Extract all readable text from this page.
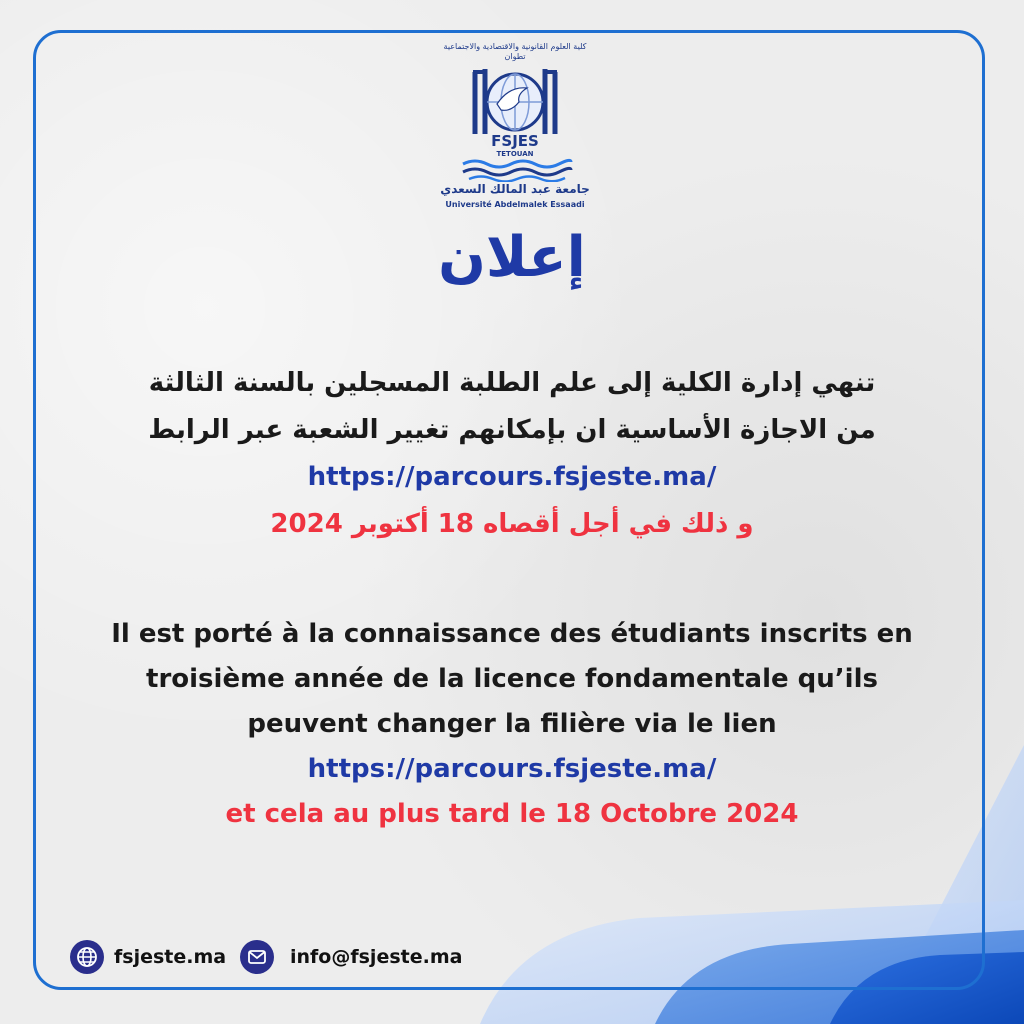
كلية العلوم القانونية والاقتصادية والاجتماعية تطوان
FSJES
TETOUAN
جامعة عبد المالك السعدي
Université Abdelmalek Essaadi
إعلان
تنهي إدارة الكلية إلى علم الطلبة المسجلين بالسنة الثالثة
من الاجازة الأساسية ان بإمكانهم تغيير الشعبة عبر الرابط
https://parcours.fsjeste.ma/
و ذلك في أجل أقصاه 18 أكتوبر 2024
Il est porté à la connaissance des étudiants inscrits en
troisième année de la licence fondamentale qu’ils
peuvent changer la filière via le lien
https://parcours.fsjeste.ma/
et cela au plus tard le 18 Octobre 2024
fsjeste.ma	info@fsjeste.ma
